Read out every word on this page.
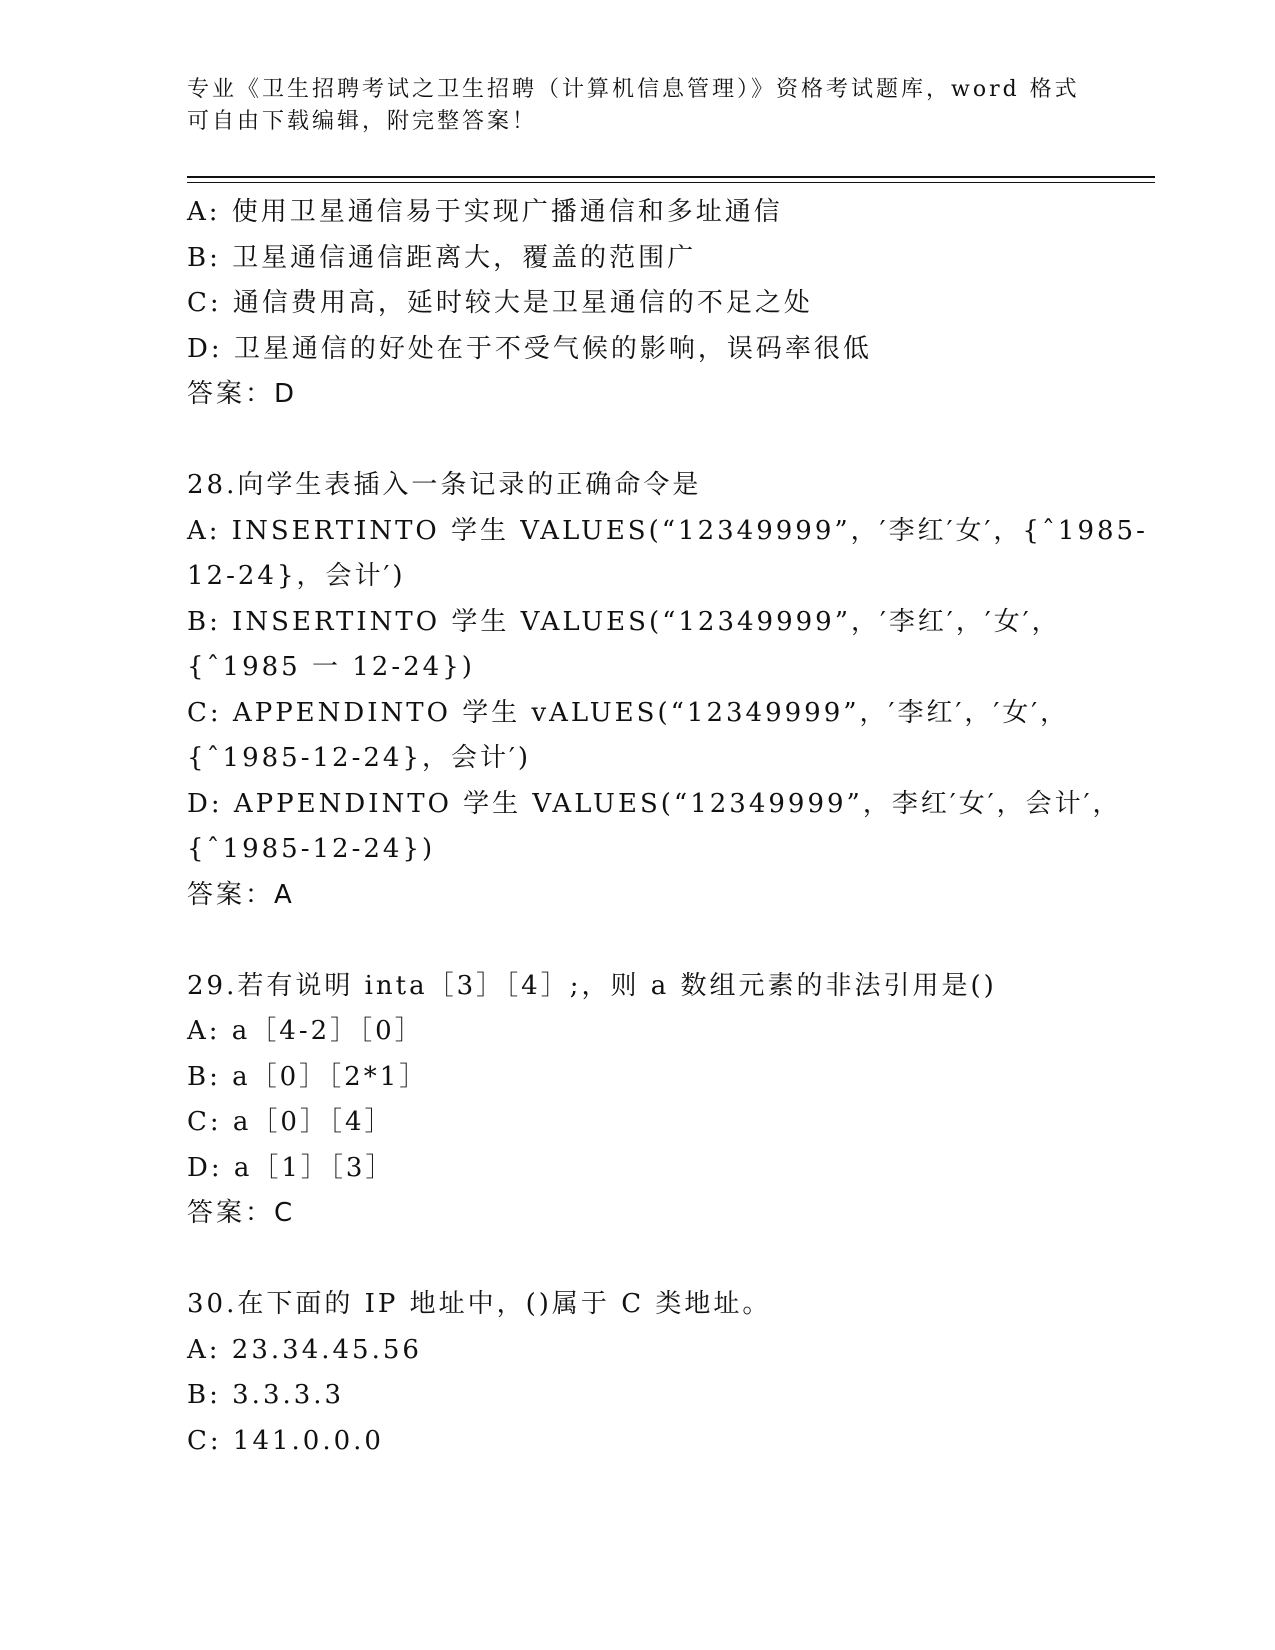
专业《卫生招聘考试之卫生招聘（计算机信息管理）》资格考试题库，word 格式
可自由下载编辑，附完整答案！
A: 使用卫星通信易于实现广播通信和多址通信
B: 卫星通信通信距离大，覆盖的范围广
C: 通信费用高，延时较大是卫星通信的不足之处
D: 卫星通信的好处在于不受气候的影响，误码率很低
答案：D
28.向学生表插入一条记录的正确命令是
A: INSERTINTO 学生 VALUES(“12349999”，′李红′女′，{ˆ1985-
12-24}，会计′)
B: INSERTINTO 学生 VALUES(“12349999”，′李红′，′女′，
{ˆ1985 一 12-24})
C: APPENDINTO 学生 vALUES(“12349999”，′李红′，′女′，
{ˆ1985-12-24}，会计′)
D: APPENDINTO 学生 VALUES(“12349999”，李红′女′，会计′，
{ˆ1985-12-24})
答案：A
29.若有说明 inta［3］［4］;，则 a 数组元素的非法引用是()
A: a［4-2］［0］
B: a［0］［2*1］
C: a［0］［4］
D: a［1］［3］
答案：C
30.在下面的 IP 地址中，()属于 C 类地址。
A: 23.34.45.56
B: 3.3.3.3
C: 141.0.0.0
